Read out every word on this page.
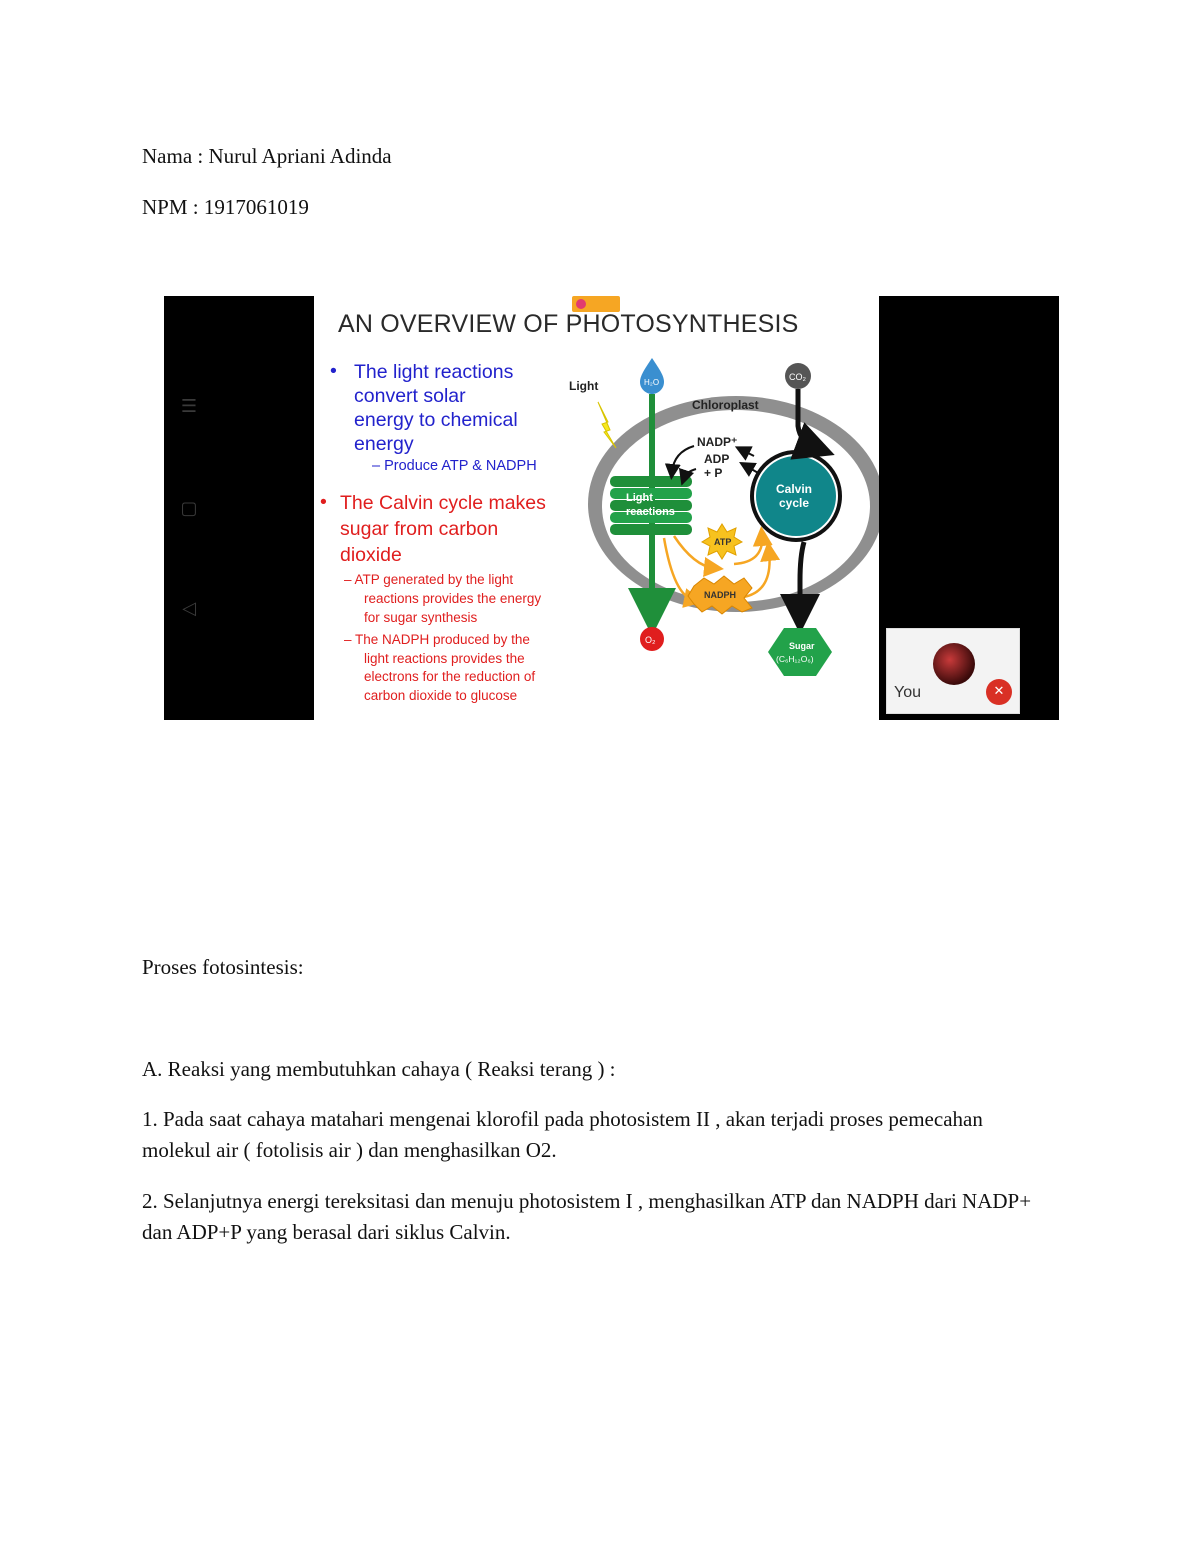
Nama : Nurul Apriani Adinda
NPM : 1917061019
☰
▢
◁
AN OVERVIEW OF PHOTOSYNTHESIS
• The light reactions
convert solar
energy to chemical
energy
– Produce ATP & NADPH
• The Calvin cycle makes
sugar from carbon
dioxide
– ATP generated by the light
reactions provides the energy
for sugar synthesis
– The NADPH produced by the
light reactions provides the
electrons for the reduction of
carbon dioxide to glucose
Chloroplast
Light	H₂O
Light
reactions
ATP
NADPH
NADP⁺
ADP
+ P
Calvin
cycle
CO₂
O₂
Sugar
(C₆H₁₂O₆)
You	✕
Proses fotosintesis:
A. Reaksi yang membutuhkan cahaya ( Reaksi terang ) :
1. Pada saat cahaya matahari mengenai klorofil pada photosistem II , akan terjadi proses pemecahan molekul air ( fotolisis air ) dan menghasilkan O2.
2. Selanjutnya energi tereksitasi dan menuju photosistem I , menghasilkan ATP dan NADPH dari NADP+ dan ADP+P yang berasal dari siklus Calvin.
